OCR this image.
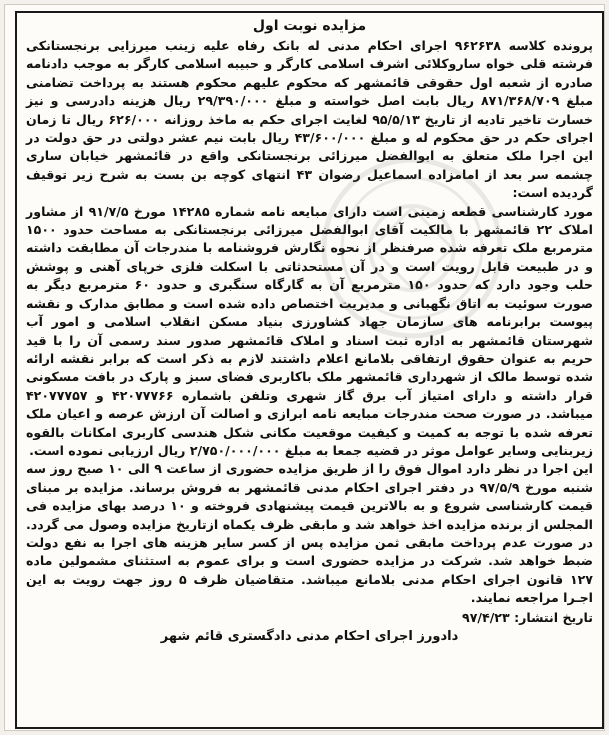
مزایده نوبت اول

پرونده کلاسه ۹۶۲۶۳۸ اجرای احکام مدنی له بانک رفاه علیه زینب میرزایی برنجستانکی فرشته قلی خواه ساروکلائی اشرف اسلامی کارگر و حبیبه اسلامی کارگر به موجب دادنامه صادره از شعبه اول حقوقی قائمشهر که محکوم علیهم محکوم هستند به پرداخت تضامنی مبلغ ۸۷۱/۳۶۸/۷۰۹ ریال بابت اصل خواسته و مبلغ ۲۹/۳۹۰/۰۰۰ ریال هزینه دادرسی و نیز خسارت تاخیر تادیه از تاریخ ۹۵/۵/۱۳ لغایت اجرای حکم به ماخذ روزانه ۶۲۶/۰۰۰ ریال تا زمان اجرای حکم در حق محکوم له و مبلغ ۴۳/۶۰۰/۰۰۰ ریال بابت نیم عشر دولتی در حق دولت در این اجرا ملک متعلق به ابوالفضل میرزائی برنجستانکی واقع در قائمشهر خیابان ساری چشمه سر بعد از امامزاده اسماعیل رضوان ۴۳ انتهای کوچه بن بست به شرح زیر توقیف گردیده است:

مورد کارشناسی قطعه زمینی است دارای مبایعه نامه شماره ۱۴۲۸۵ مورخ ۹۱/۷/۵ از مشاور املاک ۲۲ قائمشهر با مالکیت آقای ابوالفضل میرزائی برنجستانکی به مساحت حدود ۱۵۰۰ مترمربع ملک تعرفه شده صرفنظر از نحوه نگارش فروشنامه با مندرجات آن مطابقت داشته و در طبیعت قابل رویت است و در آن مستحدثاتی با اسکلت فلزی خرپای آهنی و پوشش حلب وجود دارد که حدود ۱۵۰ مترمربع آن به گارگاه سنگبری و حدود ۶۰ مترمربع دیگر به صورت سوئیت به اتاق نگهبانی و مدیریت اختصاص داده شده است و مطابق مدارک و نقشه پیوست برابرنامه های سازمان جهاد کشاورزی بنیاد مسکن انقلاب اسلامی و امور آب شهرستان قائمشهر به اداره ثبت اسناد و املاک قائمشهر صدور سند رسمی آن را با قید حریم به عنوان حقوق ارتفاقی بلامانع اعلام داشتند لازم به ذکر است که برابر نقشه ارائه شده توسط مالک از شهرداری قائمشهر ملک باکاربری فضای سبز و پارک در بافت مسکونی قرار داشته و دارای امتیاز آب برق گاز شهری وتلفن باشماره ۴۲۰۷۷۷۶۶ و ۴۲۰۷۷۷۵۷ میباشد. در صورت صحت مندرجات مبایعه نامه ابرازی و اصالت آن ارزش عرصه و اعیان ملک تعرفه شده با توجه به کمیت و کیفیت موقعیت مکانی شکل هندسی کاربری امکانات بالقوه زیربنایی وسایر عوامل موثر در قضیه جمعا به مبلغ ۲/۷۵۰/۰۰۰/۰۰۰ ریال ارزیابی نموده است.

این اجرا در نظر دارد اموال فوق را از طریق مزایده حضوری از ساعت ۹ الی ۱۰ صبح روز سه شنبه مورخ ۹۷/۵/۹ در دفتر اجرای احکام مدنی قائمشهر به فروش برساند. مزایده بر مبنای قیمت کارشناسی شروع و به بالاترین قیمت پیشنهادی فروخته و ۱۰ درصد بهای مزایده فی المجلس از برنده مزایده اخذ خواهد شد و مابقی ظرف یکماه ازتاریخ مزایده وصول می گردد. در صورت عدم پرداخت مابقی ثمن مزایده پس از کسر سایر هزینه های اجرا به نفع دولت ضبط خواهد شد. شرکت در مزایده حضوری است و برای عموم به استثنای مشمولین ماده ۱۲۷ قانون اجرای احکام مدنی بلامانع میباشد. متقاضیان ظرف ۵ روز جهت رویت به این اجـرا مراجعه نمایند.

تاریخ انتشار:۹۷/۴/۲۳
دادورز اجرای احکام مدنی دادگستری قائم شهر
